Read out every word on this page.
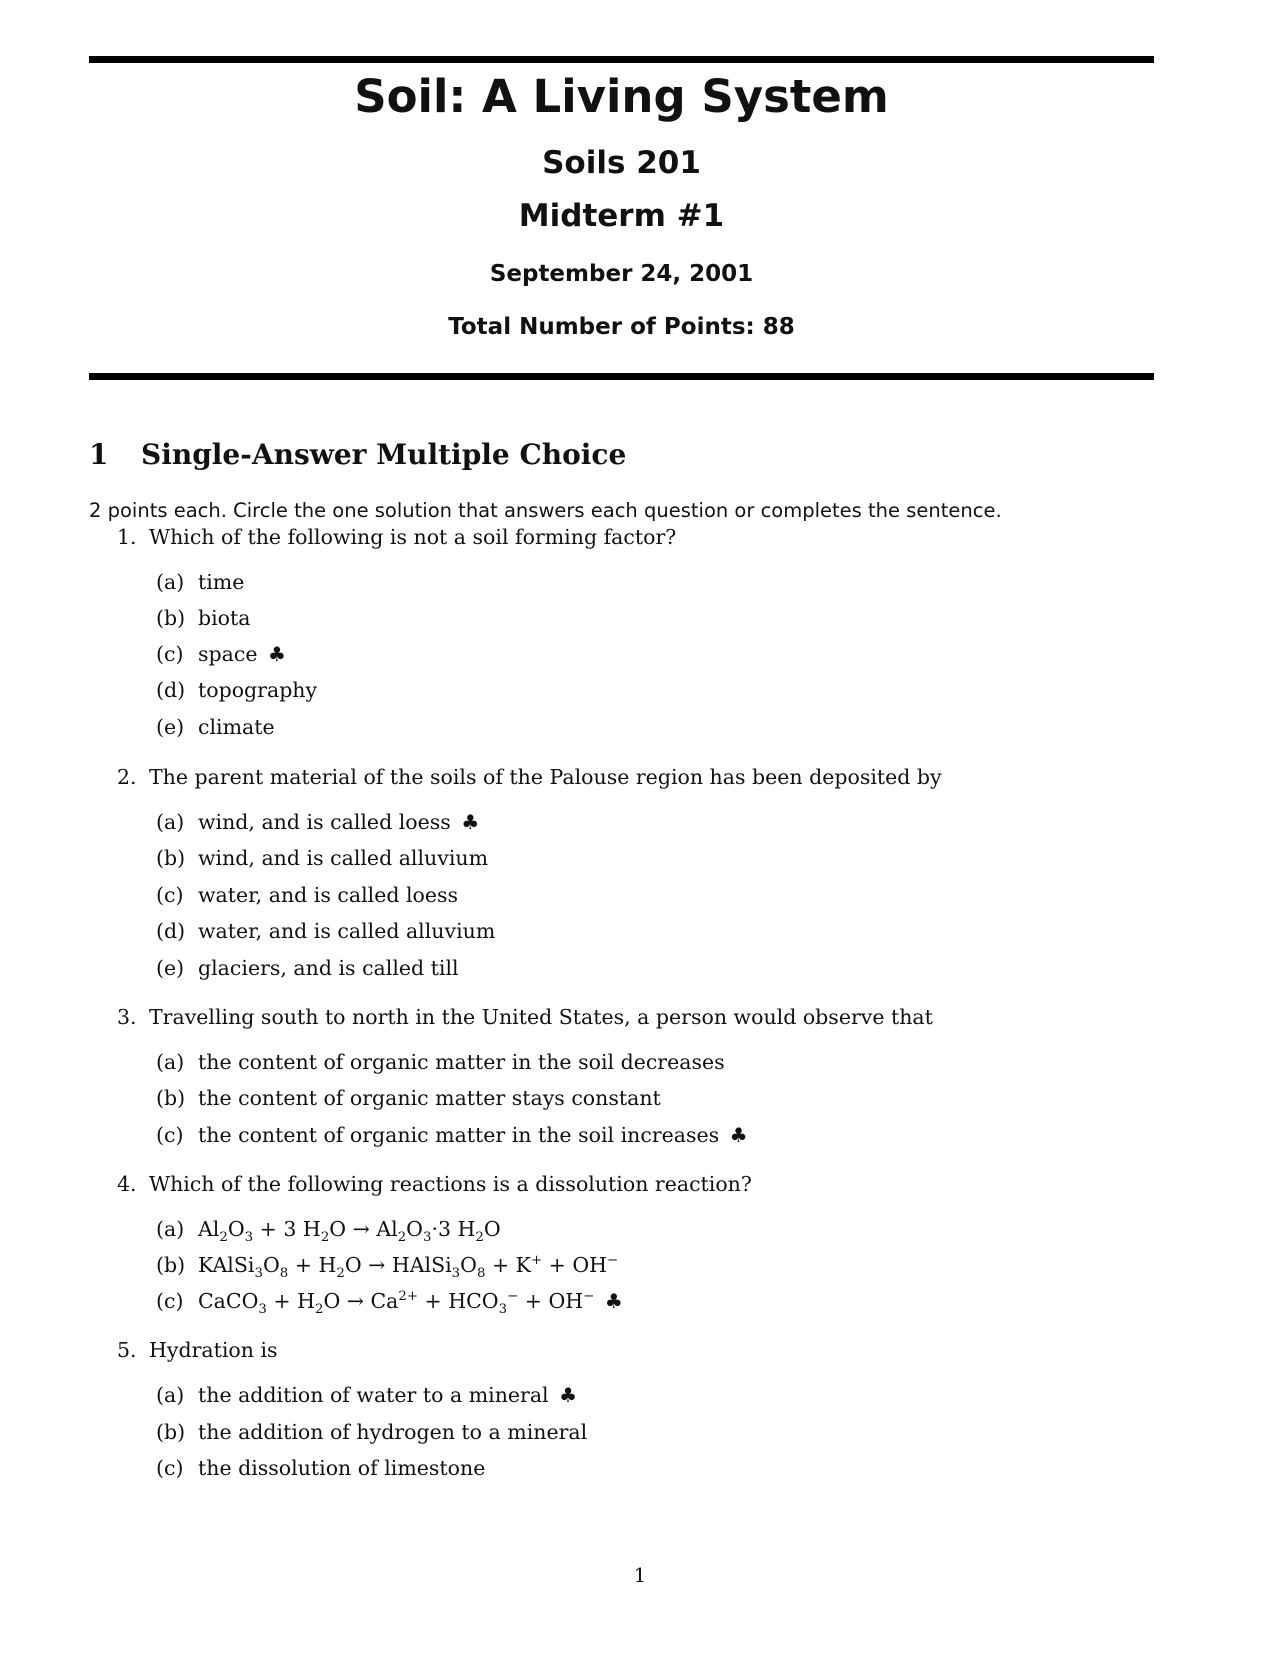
Soil: A Living System
Soils 201
Midterm #1
September 24, 2001
Total Number of Points: 88
1 Single-Answer Multiple Choice
2 points each. Circle the one solution that answers each question or completes the sentence.
1. Which of the following is not a soil forming factor?
(a) time
(b) biota
(c) space ♣
(d) topography
(e) climate
2. The parent material of the soils of the Palouse region has been deposited by
(a) wind, and is called loess ♣
(b) wind, and is called alluvium
(c) water, and is called loess
(d) water, and is called alluvium
(e) glaciers, and is called till
3. Travelling south to north in the United States, a person would observe that
(a) the content of organic matter in the soil decreases
(b) the content of organic matter stays constant
(c) the content of organic matter in the soil increases ♣
4. Which of the following reactions is a dissolution reaction?
(a) $Al_2O_3 + 3$ $H_2O \to Al_2O_3\cdot 3$ $H_2O$
(b) $KAlSi_3O_8 + H_2O$ → $HAlSi_3O_8 + K^+ + OH^-$
(c) CaCO$_3$ + $H_2O \to Ca^{2+} + HCO_3^- + OH^-$ ♣
5. Hydration is
(a) the addition of water to a mineral ♣
(b) the addition of hydrogen to a mineral
(c) the dissolution of limestone
1
